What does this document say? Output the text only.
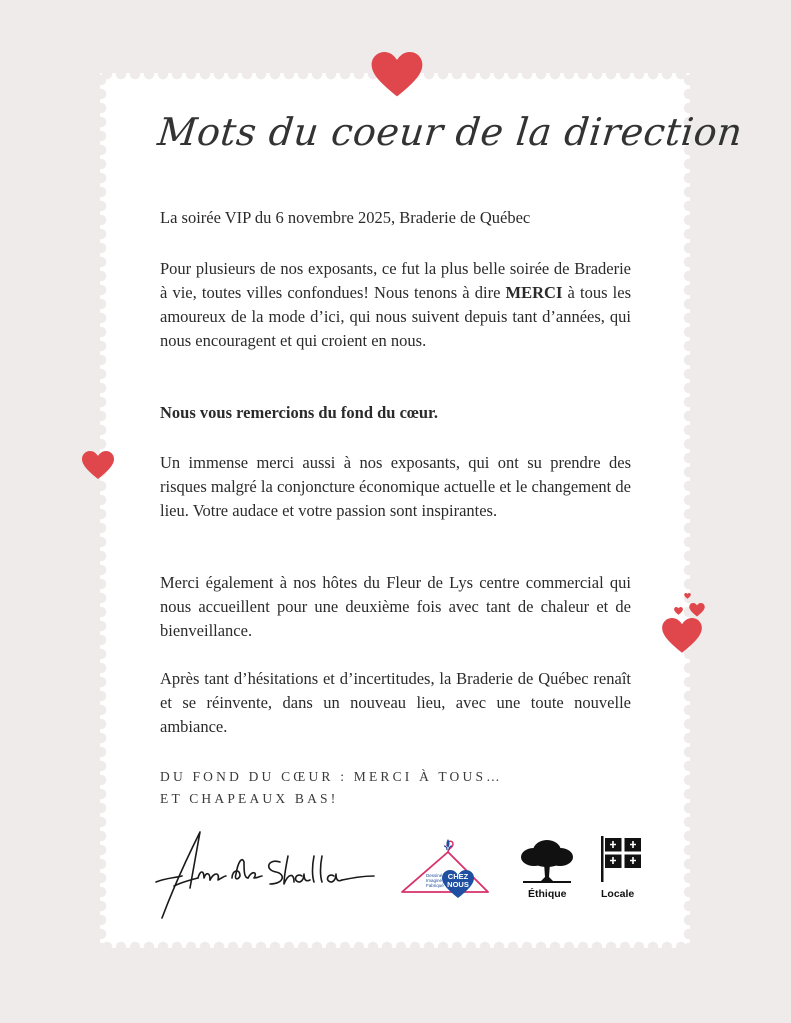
Mots du coeur de la direction

La soirée VIP du 6 novembre 2025, Braderie de Québec

Pour plusieurs de nos exposants, ce fut la plus belle soirée de Braderie à vie, toutes villes confondues! Nous tenons à dire MERCI à tous les amoureux de la mode d’ici, qui nous suivent depuis tant d’années, qui nous encouragent et qui croient en nous.

Nous vous remercions du fond du cœur.

Un immense merci aussi à nos exposants, qui ont su prendre des risques malgré la conjoncture économique actuelle et le changement de lieu. Votre audace et votre passion sont inspirantes.

Merci également à nos hôtes du Fleur de Lys centre commercial qui nous accueillent pour une deuxième fois avec tant de chaleur et de bienveillance.

Après tant d’hésitations et d’incertitudes, la Braderie de Québec renaît et se réinvente, dans un nouveau lieu, avec une toute nouvelle ambiance.

DU FOND DU CŒUR : MERCI À TOUS…
ET CHAPEAUX BAS!
CHEZ NOUS
Dessiné
Imaginé
Fabriqué
Éthique	Locale
